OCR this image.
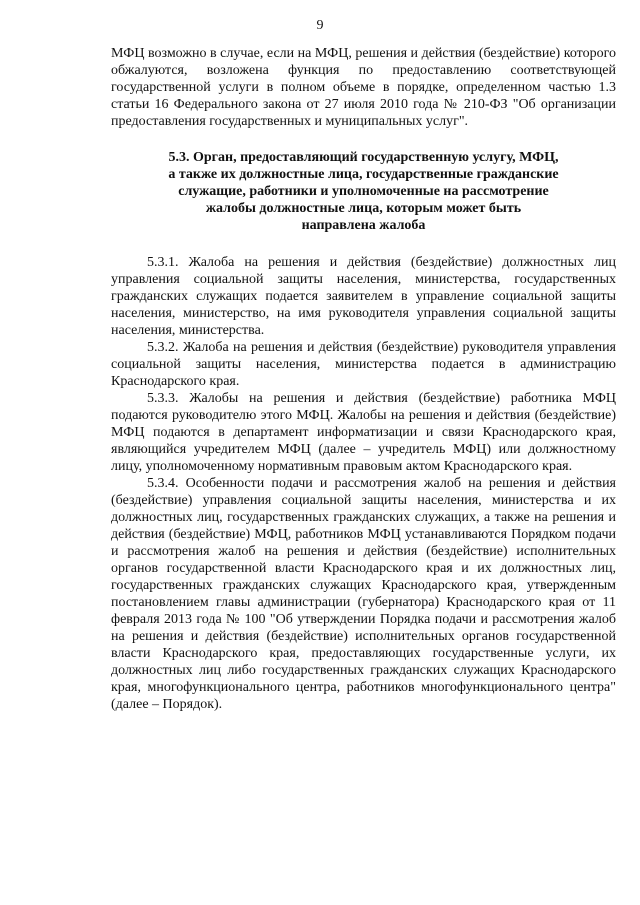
9

МФЦ возможно в случае, если на МФЦ, решения и действия (бездействие) которого обжалуются, возложена функция по предоставлению соответствующей государственной услуги в полном объеме в порядке, определенном частью 1.3 статьи 16 Федерального закона от 27 июля 2010 года № 210-ФЗ "Об организации предоставления государственных и муниципальных услуг".

5.3. Орган, предоставляющий государственную услугу, МФЦ,
а также их должностные лица, государственные гражданские
служащие, работники и уполномоченные на рассмотрение
жалобы должностные лица, которым может быть
направлена жалоба

5.3.1. Жалоба на решения и действия (бездействие) должностных лиц управления социальной защиты населения, министерства, государственных гражданских служащих подается заявителем в управление социальной защиты населения, министерство, на имя руководителя управления социальной защиты населения, министерства.

5.3.2. Жалоба на решения и действия (бездействие) руководителя управления социальной защиты населения, министерства подается в администрацию Краснодарского края.

5.3.3. Жалобы на решения и действия (бездействие) работника МФЦ подаются руководителю этого МФЦ. Жалобы на решения и действия (бездействие) МФЦ подаются в департамент информатизации и связи Краснодарского края, являющийся учредителем МФЦ (далее – учредитель МФЦ) или должностному лицу, уполномоченному нормативным правовым актом Краснодарского края.

5.3.4. Особенности подачи и рассмотрения жалоб на решения и действия (бездействие) управления социальной защиты населения, министерства и их должностных лиц, государственных гражданских служащих, а также на решения и действия (бездействие) МФЦ, работников МФЦ устанавливаются Порядком подачи и рассмотрения жалоб на решения и действия (бездействие) исполнительных органов государственной власти Краснодарского края и их должностных лиц, государственных гражданских служащих Краснодарского края, утвержденным постановлением главы администрации (губернатора) Краснодарского края от 11 февраля 2013 года № 100 "Об утверждении Порядка подачи и рассмотрения жалоб на решения и действия (бездействие) исполнительных органов государственной власти Краснодарского края, предоставляющих государственные услуги, их должностных лиц либо государственных гражданских служащих Краснодарского края, многофункционального центра, работников многофункционального центра" (далее – Порядок).
